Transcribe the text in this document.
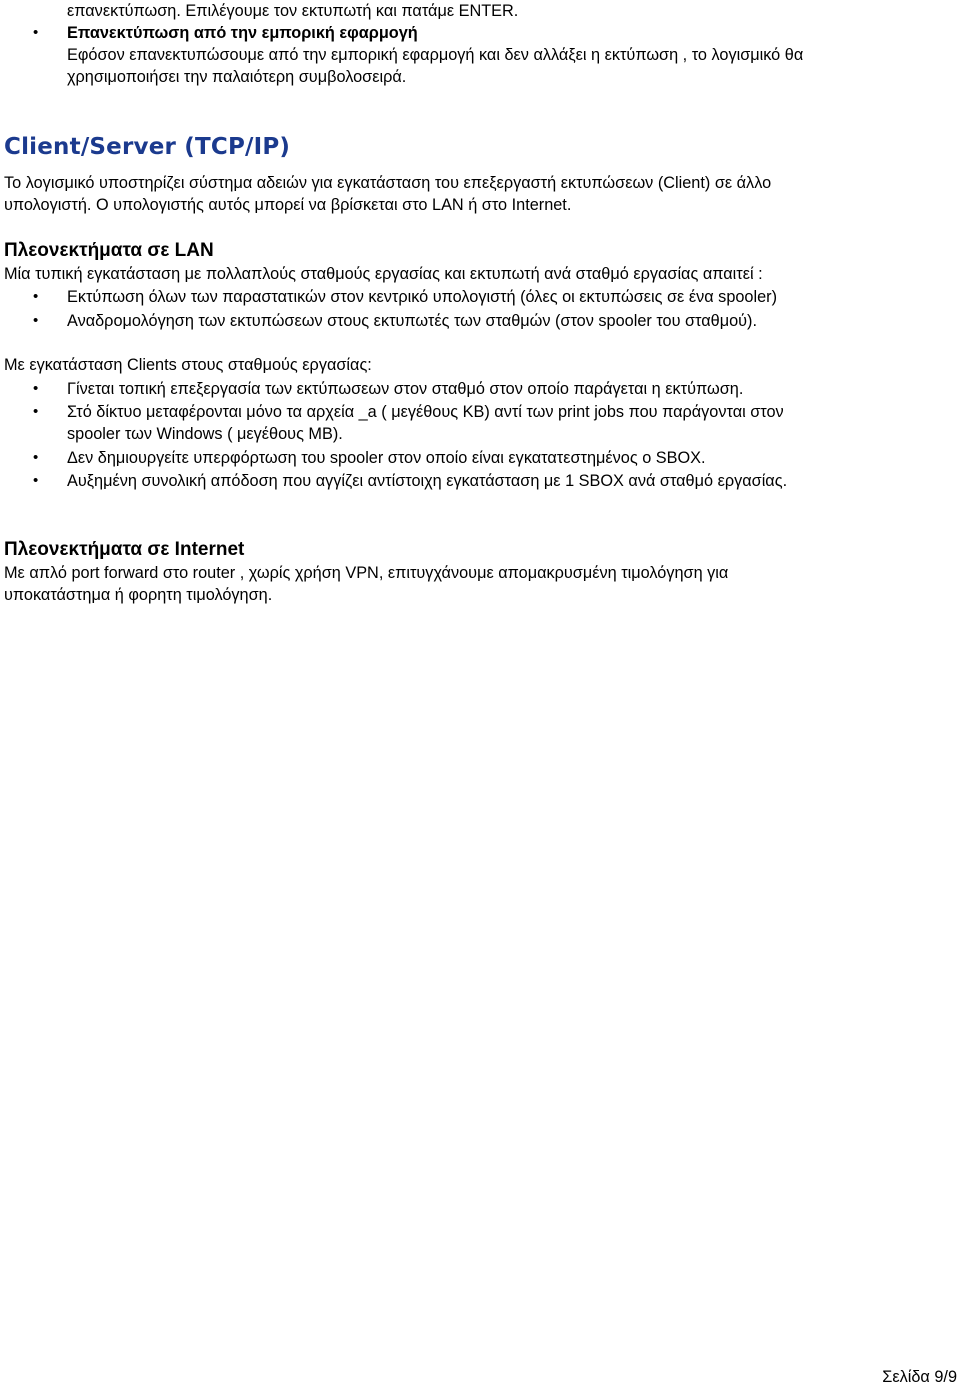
επανεκτύπωση. Επιλέγουμε τον εκτυπωτή και πατάμε ENTER.
• Επανεκτύπωση από την εμπορική εφαρμογή
Εφόσον επανεκτυπώσουμε από την εμπορική εφαρμογή και δεν αλλάξει η εκτύπωση , το λογισμικό θα
χρησιμοποιήσει την παλαιότερη συμβολοσειρά.
Client/Server (TCP/IP)
Το λογισμικό υποστηρίζει σύστημα αδειών για εγκατάσταση του επεξεργαστή εκτυπώσεων (Client) σε άλλο
υπολογιστή. Ο υπολογιστής αυτός μπορεί να βρίσκεται στο LAN ή στο Internet.
Πλεονεκτήματα σε LAN
Μία τυπική εγκατάσταση με πολλαπλούς σταθμούς εργασίας και εκτυπωτή ανά σταθμό εργασίας απαιτεί :
• Εκτύπωση όλων των παραστατικών στον κεντρικό υπολογιστή (όλες οι εκτυπώσεις σε ένα spooler)
• Αναδρομολόγηση των εκτυπώσεων στους εκτυπωτές των σταθμών (στον spooler του σταθμού).
Με εγκατάσταση Clients στους σταθμούς εργασίας:
• Γίνεται τοπική επεξεργασία των εκτύπωσεων στον σταθμό στον οποίο παράγεται η εκτύπωση.
• Στό δίκτυο μεταφέρονται μόνο τα αρχεία _a ( μεγέθους KB) αντί των print jobs που παράγονται στον
spooler των Windows ( μεγέθους MB).
• Δεν δημιουργείτε υπερφόρτωση του spooler στον οποίο είναι εγκατατεστημένος ο SBOX.
• Αυξημένη συνολική απόδοση που αγγίζει αντίστοιχη εγκατάσταση με 1 SBOX ανά σταθμό εργασίας.
Πλεονεκτήματα σε Internet
Με απλό port forward στο router , χωρίς χρήση VPN, επιτυγχάνουμε απομακρυσμένη τιμολόγηση για
υποκατάστημα ή φορητη τιμολόγηση.
Σελίδα 9/9
